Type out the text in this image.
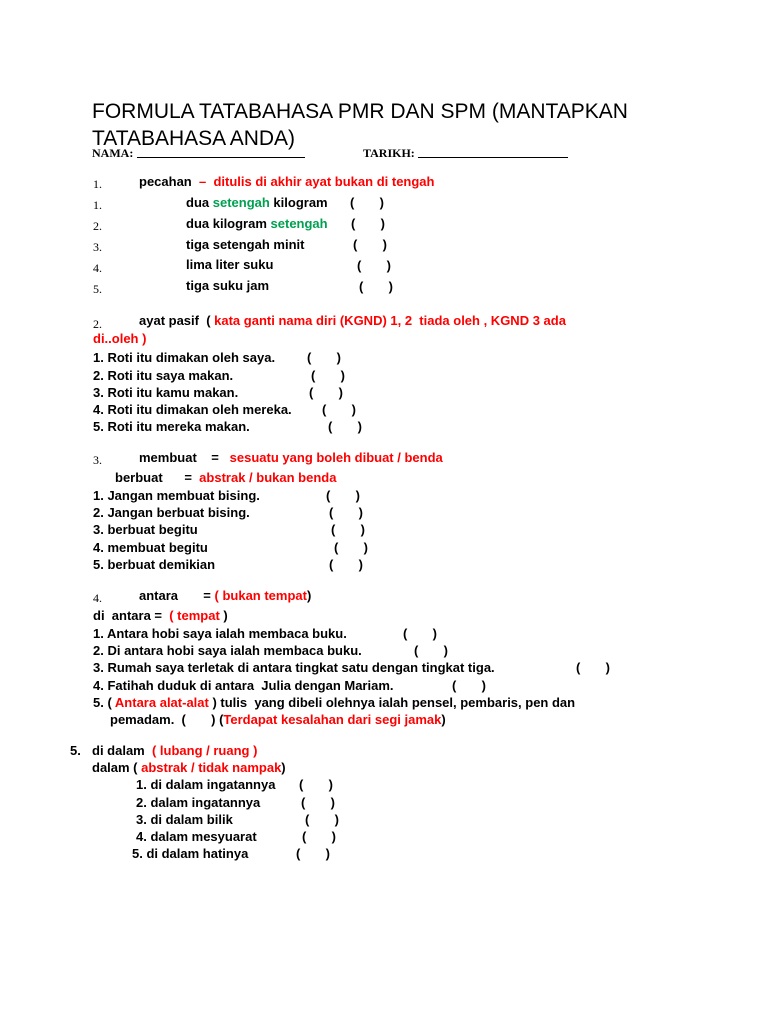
FORMULA TATABAHASA PMR DAN SPM (MANTAPKAN TATABAHASA ANDA)
NAMA:	TARIKH:
1.	pecahan –  ditulis di akhir ayat bukan di tengah
1.	dua setengah kilogram (       )
2.	dua kilogram setengah (       )
3.	tiga setengah minit	(       )
4.	lima liter suku	(       )
5.	tiga suku jam	(       )
2.	ayat pasif  ( kata ganti nama diri (KGND) 1, 2  tiada oleh , KGND 3 ada
di..oleh )
1. Roti itu dimakan oleh saya. (       )
2. Roti itu saya makan.	(       )
3. Roti itu kamu makan.	(       )
4. Roti itu dimakan oleh mereka. (       )
5. Roti itu mereka makan.	(       )
3.	membuat    = sesuatu yang boleh dibuat / benda
berbuat      = abstrak / bukan benda
1. Jangan membuat bising.	(       )
2. Jangan berbuat bising.	(       )
3. berbuat begitu	(       )
4. membuat begitu	(       )
5. berbuat demikian	(       )
4.	antara       = ( bukan tempat)
di  antara =  ( tempat )
1. Antara hobi saya ialah membaca buku.	(       )
2. Di antara hobi saya ialah membaca buku.	(       )
3. Rumah saya terletak di antara tingkat satu dengan tingkat tiga.	(       )
4. Fatihah duduk di antara  Julia dengan Mariam.	(       )
5. ( Antara alat-alat ) tulis  yang dibeli olehnya ialah pensel, pembaris, pen dan
pemadam.  (       ) (Terdapat kesalahan dari segi jamak)
5. di dalam ( lubang / ruang )
dalam ( abstrak / tidak nampak)
1. di dalam ingatannya (       )
2. dalam ingatannya	(       )
3. di dalam bilik	(       )
4. dalam mesyuarat	(       )
5. di dalam hatinya	(       )
